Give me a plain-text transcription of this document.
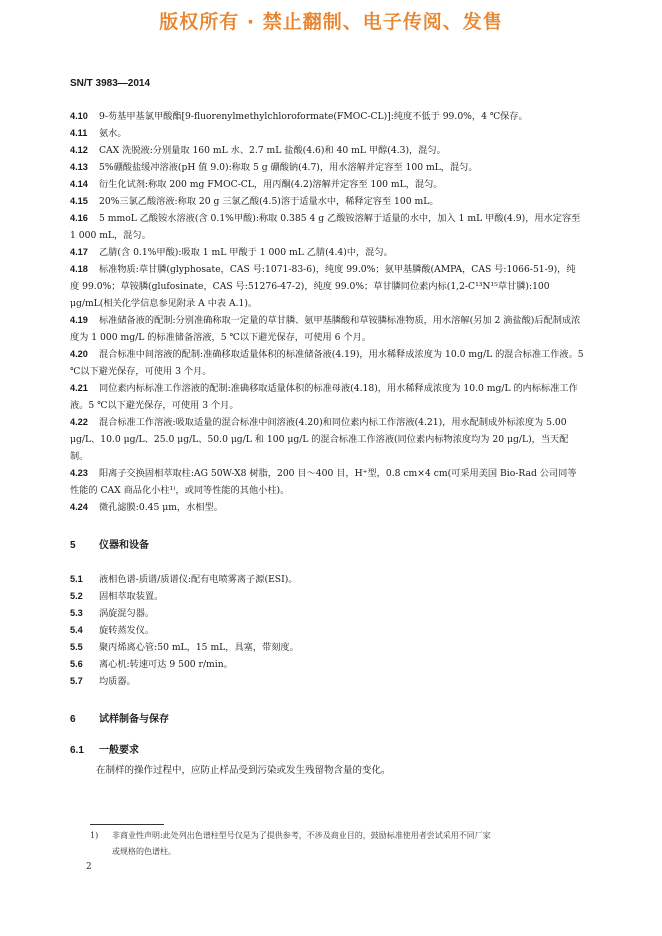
版权所有 · 禁止翻制、电子传阅、发售
SN/T 3983—2014
4.10 9-芴基甲基氯甲酸酯[9-fluorenylmethylchloroformate(FMOC-CL)]:纯度不低于 99.0%，4 ℃保存。
4.11 氨水。
4.12 CAX 洗脱液:分别量取 160 mL 水、2.7 mL 盐酸(4.6)和 40 mL 甲醇(4.3)，混匀。
4.13 5%硼酸盐缓冲溶液(pH 值 9.0):称取 5 g 硼酸钠(4.7)，用水溶解并定容至 100 mL，混匀。
4.14 衍生化试剂:称取 200 mg FMOC-CL，用丙酮(4.2)溶解并定容至 100 mL，混匀。
4.15 20%三氯乙酸溶液:称取 20 g 三氯乙酸(4.5)溶于适量水中，稀释定容至 100 mL。
4.16 5 mmoL 乙酸铵水溶液(含 0.1%甲酸):称取 0.385 4 g 乙酸铵溶解于适量的水中，加入 1 mL 甲酸(4.9)，用水定容至 1 000 mL，混匀。
4.17 乙腈(含 0.1%甲酸):吸取 1 mL 甲酸于 1 000 mL 乙腈(4.4)中，混匀。
4.18 标准物质:草甘膦(glyphosate，CAS 号:1071-83-6)，纯度 99.0%；氨甲基膦酸(AMPA，CAS 号:1066-51-9)，纯度 99.0%；草铵膦(glufosinate，CAS 号:51276-47-2)，纯度 99.0%；草甘膦同位素内标(1,2-C¹³N¹⁵草甘膦):100 μg/mL(相关化学信息参见附录 A 中表 A.1)。
4.19 标准储备液的配制:分别准确称取一定量的草甘膦、氨甲基膦酸和草铵膦标准物质，用水溶解(另加 2 滴盐酸)后配制成浓度为 1 000 mg/L 的标准储备溶液，5 ℃以下避光保存，可使用 6 个月。
4.20 混合标准中间溶液的配制:准确移取适量体积的标准储备液(4.19)，用水稀释成浓度为 10.0 mg/L 的混合标准工作液。5 ℃以下避光保存，可使用 3 个月。
4.21 同位素内标标准工作溶液的配制:准确移取适量体积的标准母液(4.18)，用水稀释成浓度为 10.0 mg/L 的内标标准工作液。5 ℃以下避光保存，可使用 3 个月。
4.22 混合标准工作溶液:吸取适量的混合标准中间溶液(4.20)和同位素内标工作溶液(4.21)，用水配制成外标浓度为 5.00 μg/L、10.0 μg/L、25.0 μg/L、50.0 μg/L 和 100 μg/L 的混合标准工作溶液(同位素内标物浓度均为 20 μg/L)，当天配制。
4.23 阳离子交换固相萃取柱:AG 50W-X8 树脂，200 目～400 目，H⁺型，0.8 cm×4 cm(可采用美国 Bio-Rad 公司同等性能的 CAX 商品化小柱¹⁾，或同等性能的其他小柱)。
4.24 微孔滤膜:0.45 μm，水相型。
5 仪器和设备
5.1 液相色谱-质谱/质谱仪:配有电喷雾离子源(ESI)。
5.2 固相萃取装置。
5.3 涡旋混匀器。
5.4 旋转蒸发仪。
5.5 聚丙烯离心管:50 mL，15 mL，具塞，带刻度。
5.6 离心机:转速可达 9 500 r/min。
5.7 均质器。
6 试样制备与保存
6.1 一般要求
在制样的操作过程中，应防止样品受到污染或发生残留物含量的变化。
1) 非商业性声明:此处列出色谱柱型号仅是为了提供参考，不涉及商业目的，鼓励标准使用者尝试采用不同厂家
或规格的色谱柱。
2
